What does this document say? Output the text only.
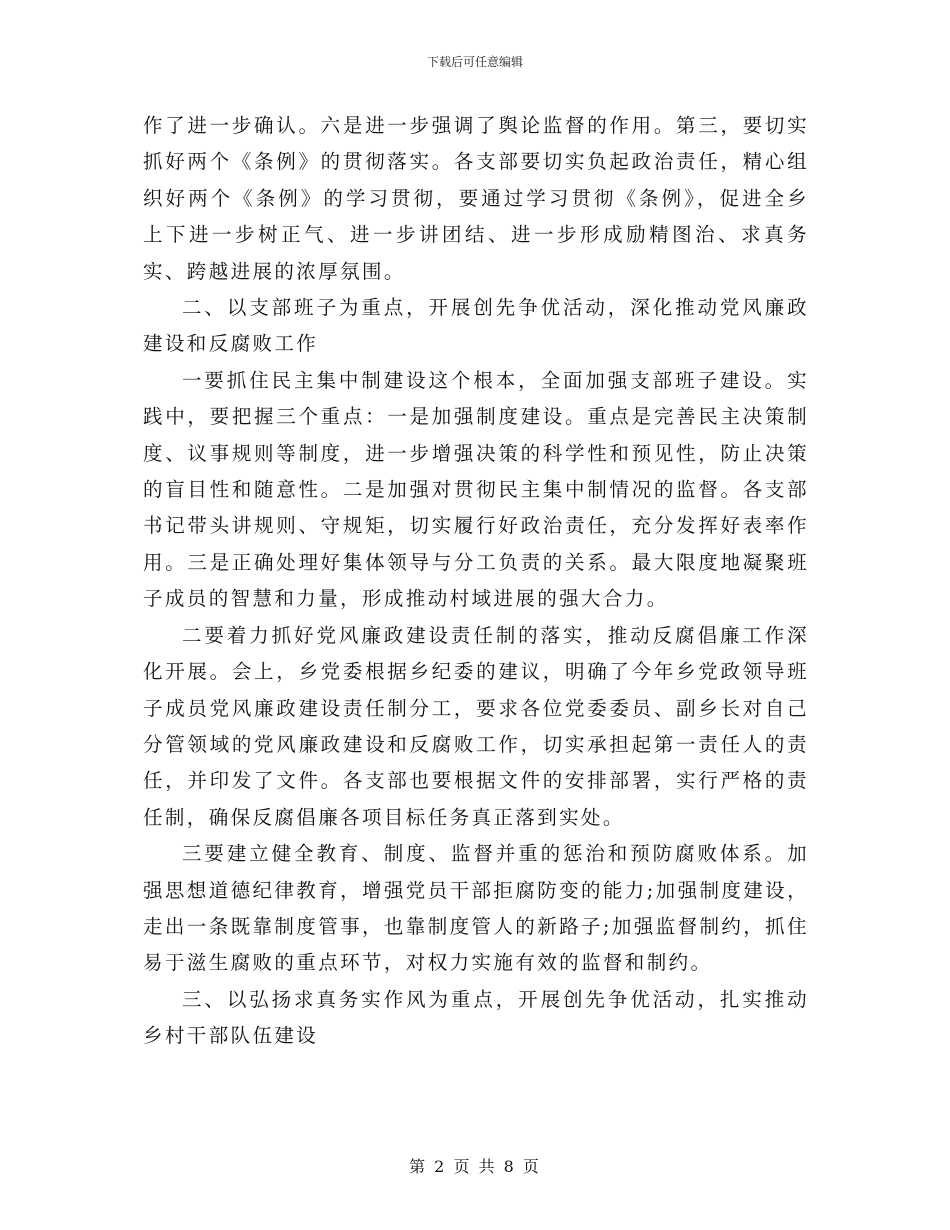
下载后可任意编辑

作了进一步确认。六是进一步强调了舆论监督的作用。第三，要切实抓好两个《条例》的贯彻落实。各支部要切实负起政治责任，精心组织好两个《条例》的学习贯彻，要通过学习贯彻《条例》，促进全乡上下进一步树正气、进一步讲团结、进一步形成励精图治、求真务实、跨越进展的浓厚氛围。

二、以支部班子为重点，开展创先争优活动，深化推动党风廉政建设和反腐败工作

一要抓住民主集中制建设这个根本，全面加强支部班子建设。实践中，要把握三个重点：一是加强制度建设。重点是完善民主决策制度、议事规则等制度，进一步增强决策的科学性和预见性，防止决策的盲目性和随意性。二是加强对贯彻民主集中制情况的监督。各支部书记带头讲规则、守规矩，切实履行好政治责任，充分发挥好表率作用。三是正确处理好集体领导与分工负责的关系。最大限度地凝聚班子成员的智慧和力量，形成推动村域进展的强大合力。

二要着力抓好党风廉政建设责任制的落实，推动反腐倡廉工作深化开展。会上，乡党委根据乡纪委的建议，明确了今年乡党政领导班子成员党风廉政建设责任制分工，要求各位党委委员、副乡长对自己分管领域的党风廉政建设和反腐败工作，切实承担起第一责任人的责任，并印发了文件。各支部也要根据文件的安排部署，实行严格的责任制，确保反腐倡廉各项目标任务真正落到实处。

三要建立健全教育、制度、监督并重的惩治和预防腐败体系。加强思想道德纪律教育，增强党员干部拒腐防变的能力;加强制度建设，走出一条既靠制度管事，也靠制度管人的新路子;加强监督制约，抓住易于滋生腐败的重点环节，对权力实施有效的监督和制约。

三、以弘扬求真务实作风为重点，开展创先争优活动，扎实推动乡村干部队伍建设

第 2 页 共 8 页
